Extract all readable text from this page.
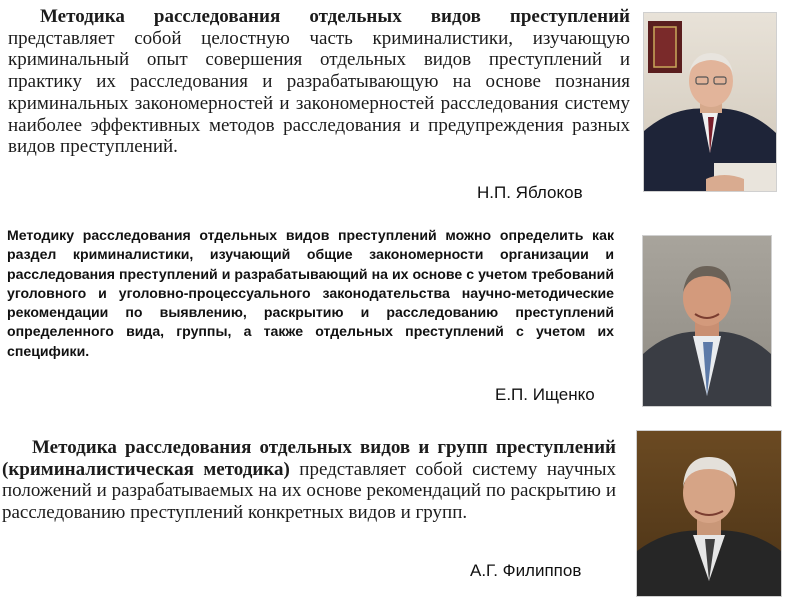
Методика расследования отдельных видов преступлений представляет собой целостную часть криминалистики, изучающую криминальный опыт совершения отдельных видов преступлений и практику их расследования и разрабатывающую на основе познания криминальных закономерностей и закономерностей расследования систему наиболее эффективных методов расследования и предупреждения разных видов преступлений.

Н.П. Яблоков

Методику расследования отдельных видов преступлений можно определить как раздел криминалистики, изучающий общие закономерности организации и расследования преступлений и разрабатывающий на их основе с учетом требований уголовного и уголовно-процессуального законодательства научно-методические рекомендации по выявлению, раскрытию и расследованию преступлений определенного вида, группы, а также отдельных преступлений с учетом их специфики.

Е.П. Ищенко

Методика расследования отдельных видов и групп преступлений (криминалистическая методика) представляет собой систему научных положений и разрабатываемых на их основе рекомендаций по раскрытию и расследованию преступлений конкретных видов и групп.

А.Г. Филиппов
